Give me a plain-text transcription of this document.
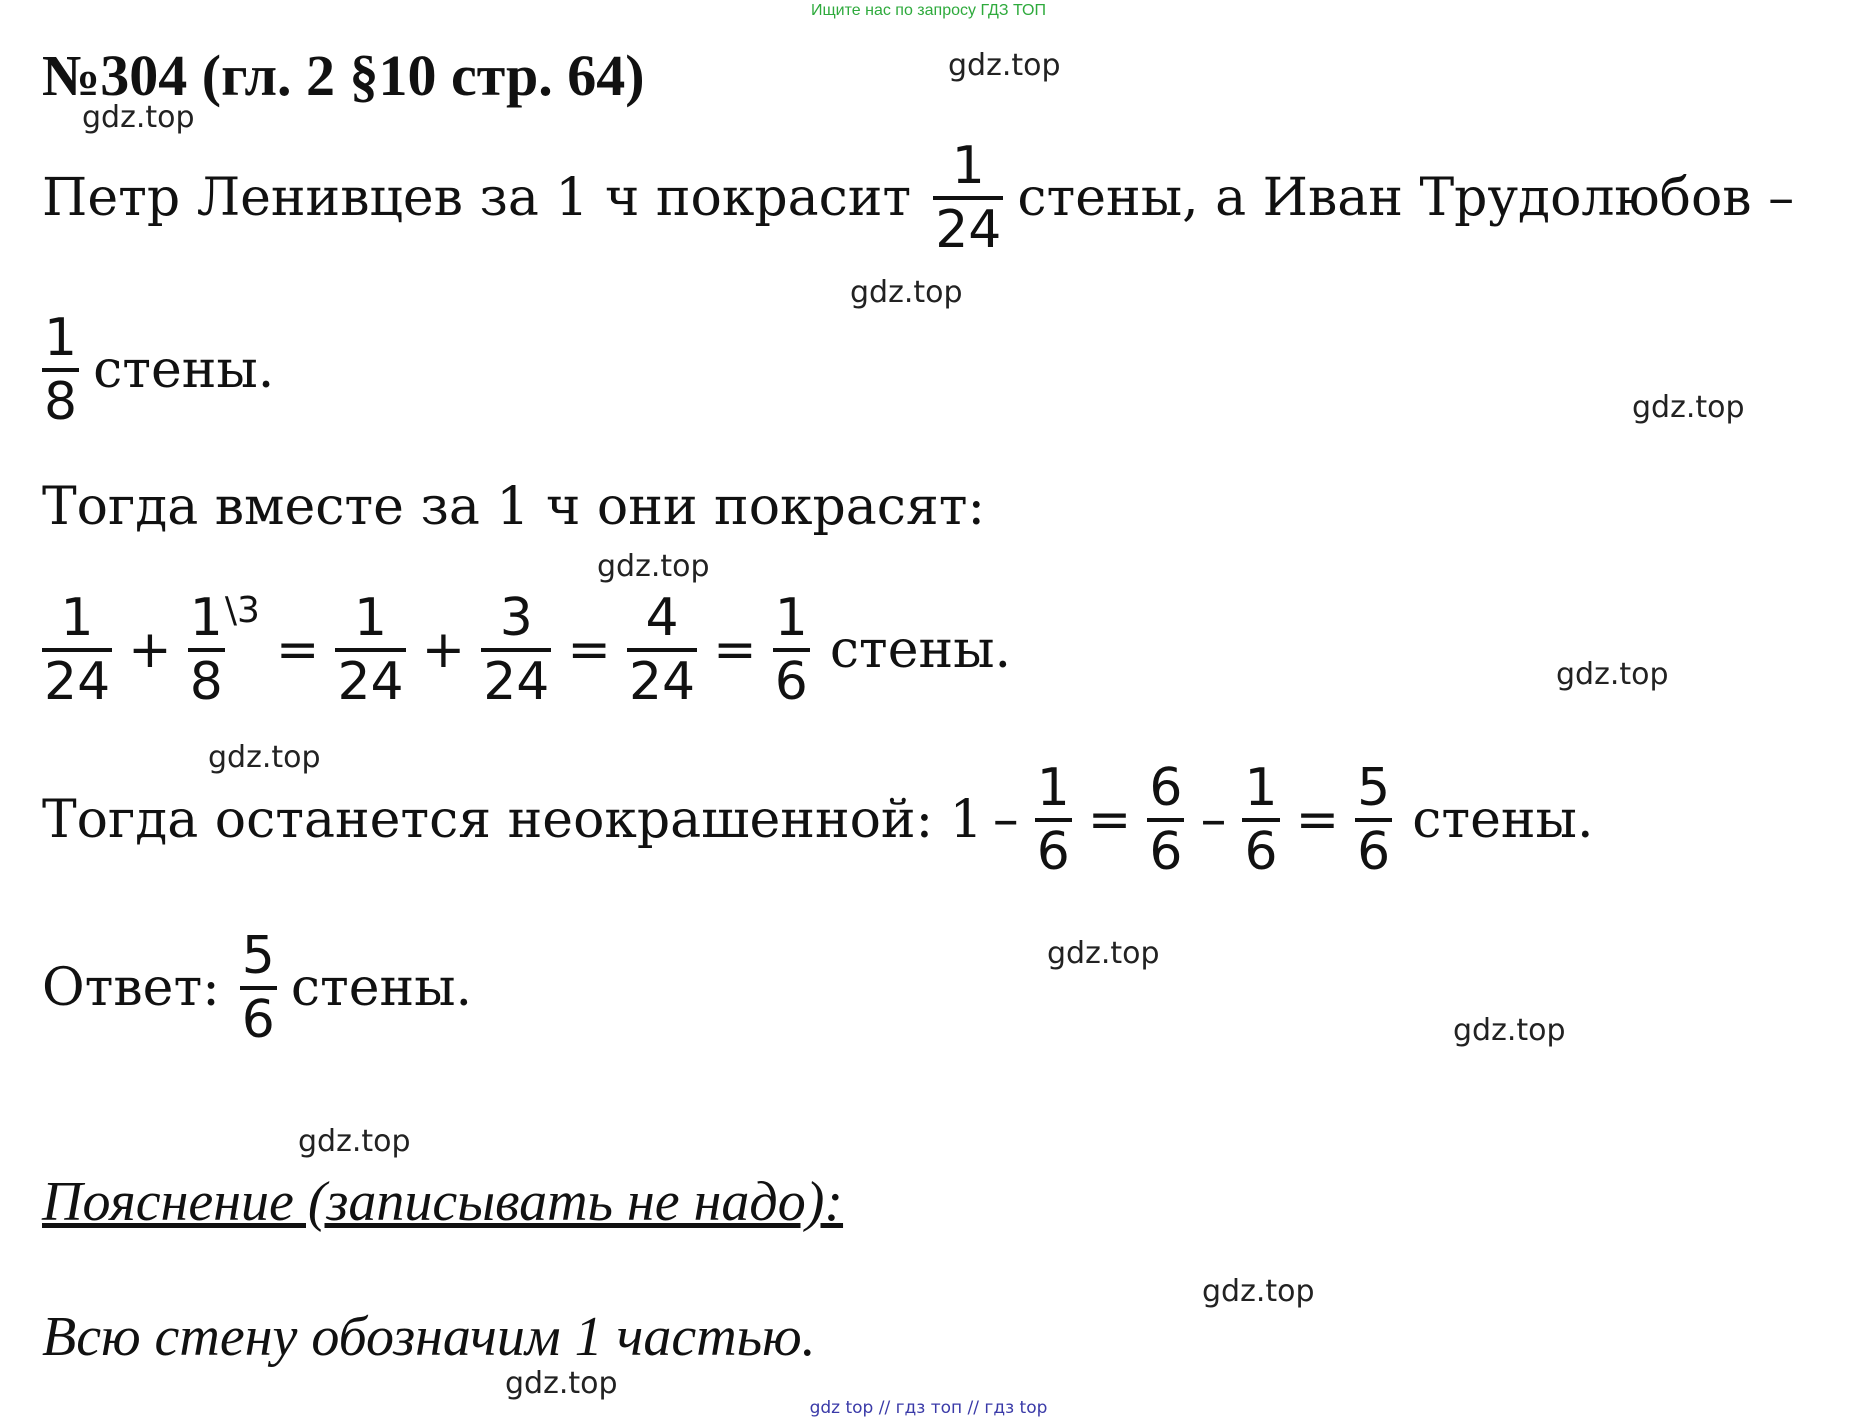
Ищите нас по запросу ГДЗ ТОП
№304 (гл. 2 §10 стр. 64)	gdz.top
gdz.top
gdz.top
gdz.top
gdz.top
gdz.top
gdz.top
gdz.top
gdz.top
gdz.top
gdz.top
gdz.top
Петр Ленивцев за 1 ч покрасит $\frac{1}{24}$ стены, а Иван Трудолюбов –
$\frac{1}{8}$ стены.
Тогда вместе за 1 ч они покрасят:
$\frac{1}{24} + \frac{1}{8}$ \3
= $\frac{1}{24} + \frac{3}{24} = \frac{4}{24} = \frac{1}{6}$ стены.
Тогда останется неокрашенной: $1 - \frac{1}{6} = \frac{6}{6} - \frac{1}{6} = \frac{5}{6}$ стены.
Ответ: $\frac{5}{6}$ стены.
Пояснение (записывать не надо):
Всю стену обозначим 1 частью.
gdz top // гдз топ // гдз top
